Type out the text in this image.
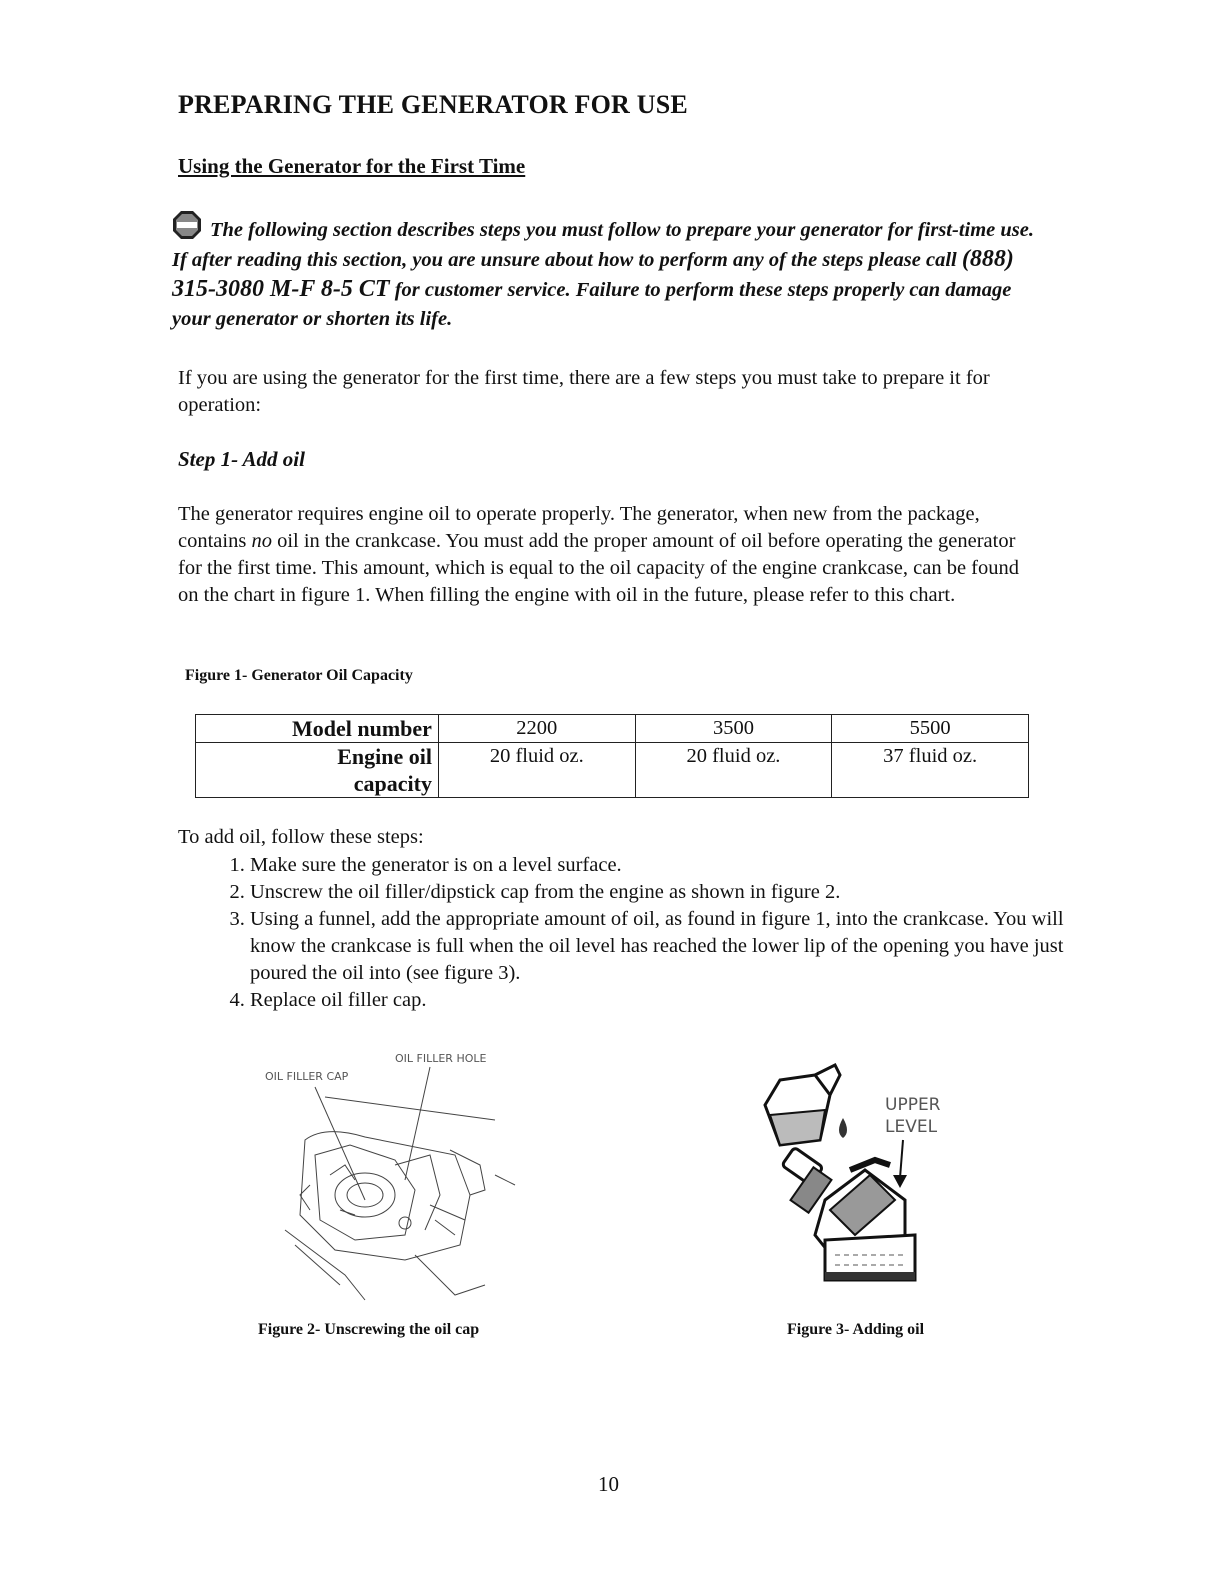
PREPARING THE GENERATOR FOR USE
Using the Generator for the First Time
The following section describes steps you must follow to prepare your generator for first-time use. If after reading this section, you are unsure about how to perform any of the steps please call (888) 315-3080 M-F 8-5 CT for customer service. Failure to perform these steps properly can damage your generator or shorten its life.
If you are using the generator for the first time, there are a few steps you must take to prepare it for operation:
Step 1- Add oil
The generator requires engine oil to operate properly. The generator, when new from the package, contains no oil in the crankcase. You must add the proper amount of oil before operating the generator for the first time. This amount, which is equal to the oil capacity of the engine crankcase, can be found on the chart in figure 1. When filling the engine with oil in the future, please refer to this chart.
Figure 1- Generator Oil Capacity
Model number	2200	3500	5500
Engine oil capacity	20 fluid oz.	20 fluid oz.	37 fluid oz.
To add oil, follow these steps:
1. Make sure the generator is on a level surface.
2. Unscrew the oil filler/dipstick cap from the engine as shown in figure 2.
3. Using a funnel, add the appropriate amount of oil, as found in figure 1, into the crankcase. You will know the crankcase is full when the oil level has reached the lower lip of the opening you have just poured the oil into (see figure 3).
4. Replace oil filler cap.
OIL FILLER HOLE
OIL FILLER CAP
UPPER
LEVEL
Figure 2- Unscrewing the oil cap	Figure 3- Adding oil
10
